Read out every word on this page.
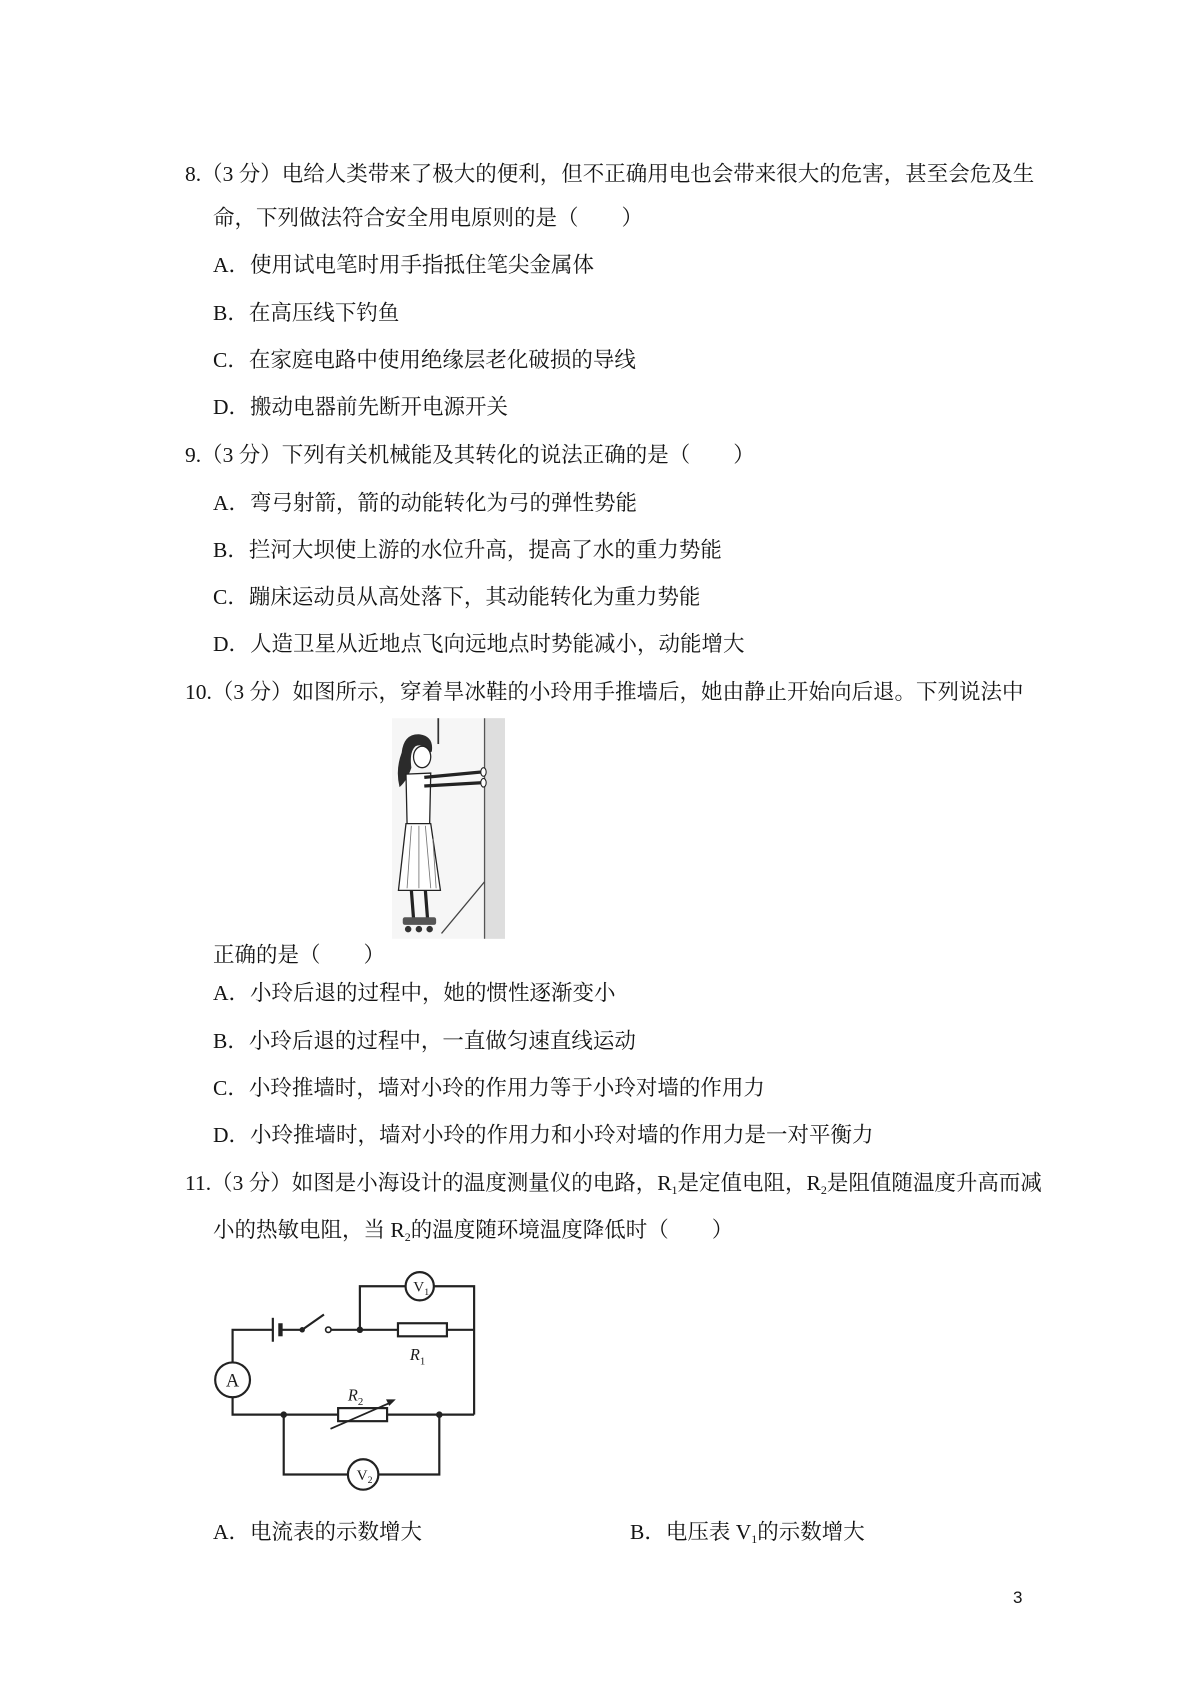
8.（3 分）电给人类带来了极大的便利，但不正确用电也会带来很大的危害，甚至会危及生
命，下列做法符合安全用电原则的是（　　）
A．使用试电笔时用手指抵住笔尖金属体
B．在高压线下钓鱼
C．在家庭电路中使用绝缘层老化破损的导线
D．搬动电器前先断开电源开关
9.（3 分）下列有关机械能及其转化的说法正确的是（　　）
A．弯弓射箭，箭的动能转化为弓的弹性势能
B．拦河大坝使上游的水位升高，提高了水的重力势能
C．蹦床运动员从高处落下，其动能转化为重力势能
D．人造卫星从近地点飞向远地点时势能减小，动能增大
10.（3 分）如图所示，穿着旱冰鞋的小玲用手推墙后，她由静止开始向后退。下列说法中
正确的是（　　）
A．小玲后退的过程中，她的惯性逐渐变小
B．小玲后退的过程中，一直做匀速直线运动
C．小玲推墙时，墙对小玲的作用力等于小玲对墙的作用力
D．小玲推墙时，墙对小玲的作用力和小玲对墙的作用力是一对平衡力
11.（3 分）如图是小海设计的温度测量仪的电路，$R_1$是定值电阻，$R_2$是阻值随温度升高而减
小的热敏电阻，当 $R_2$的温度随环境温度降低时（　　）
$R_1$
$R_2$
A
$V_1$
$V_2$
A．电流表的示数增大	B．电压表 $V_1$的示数增大
3
